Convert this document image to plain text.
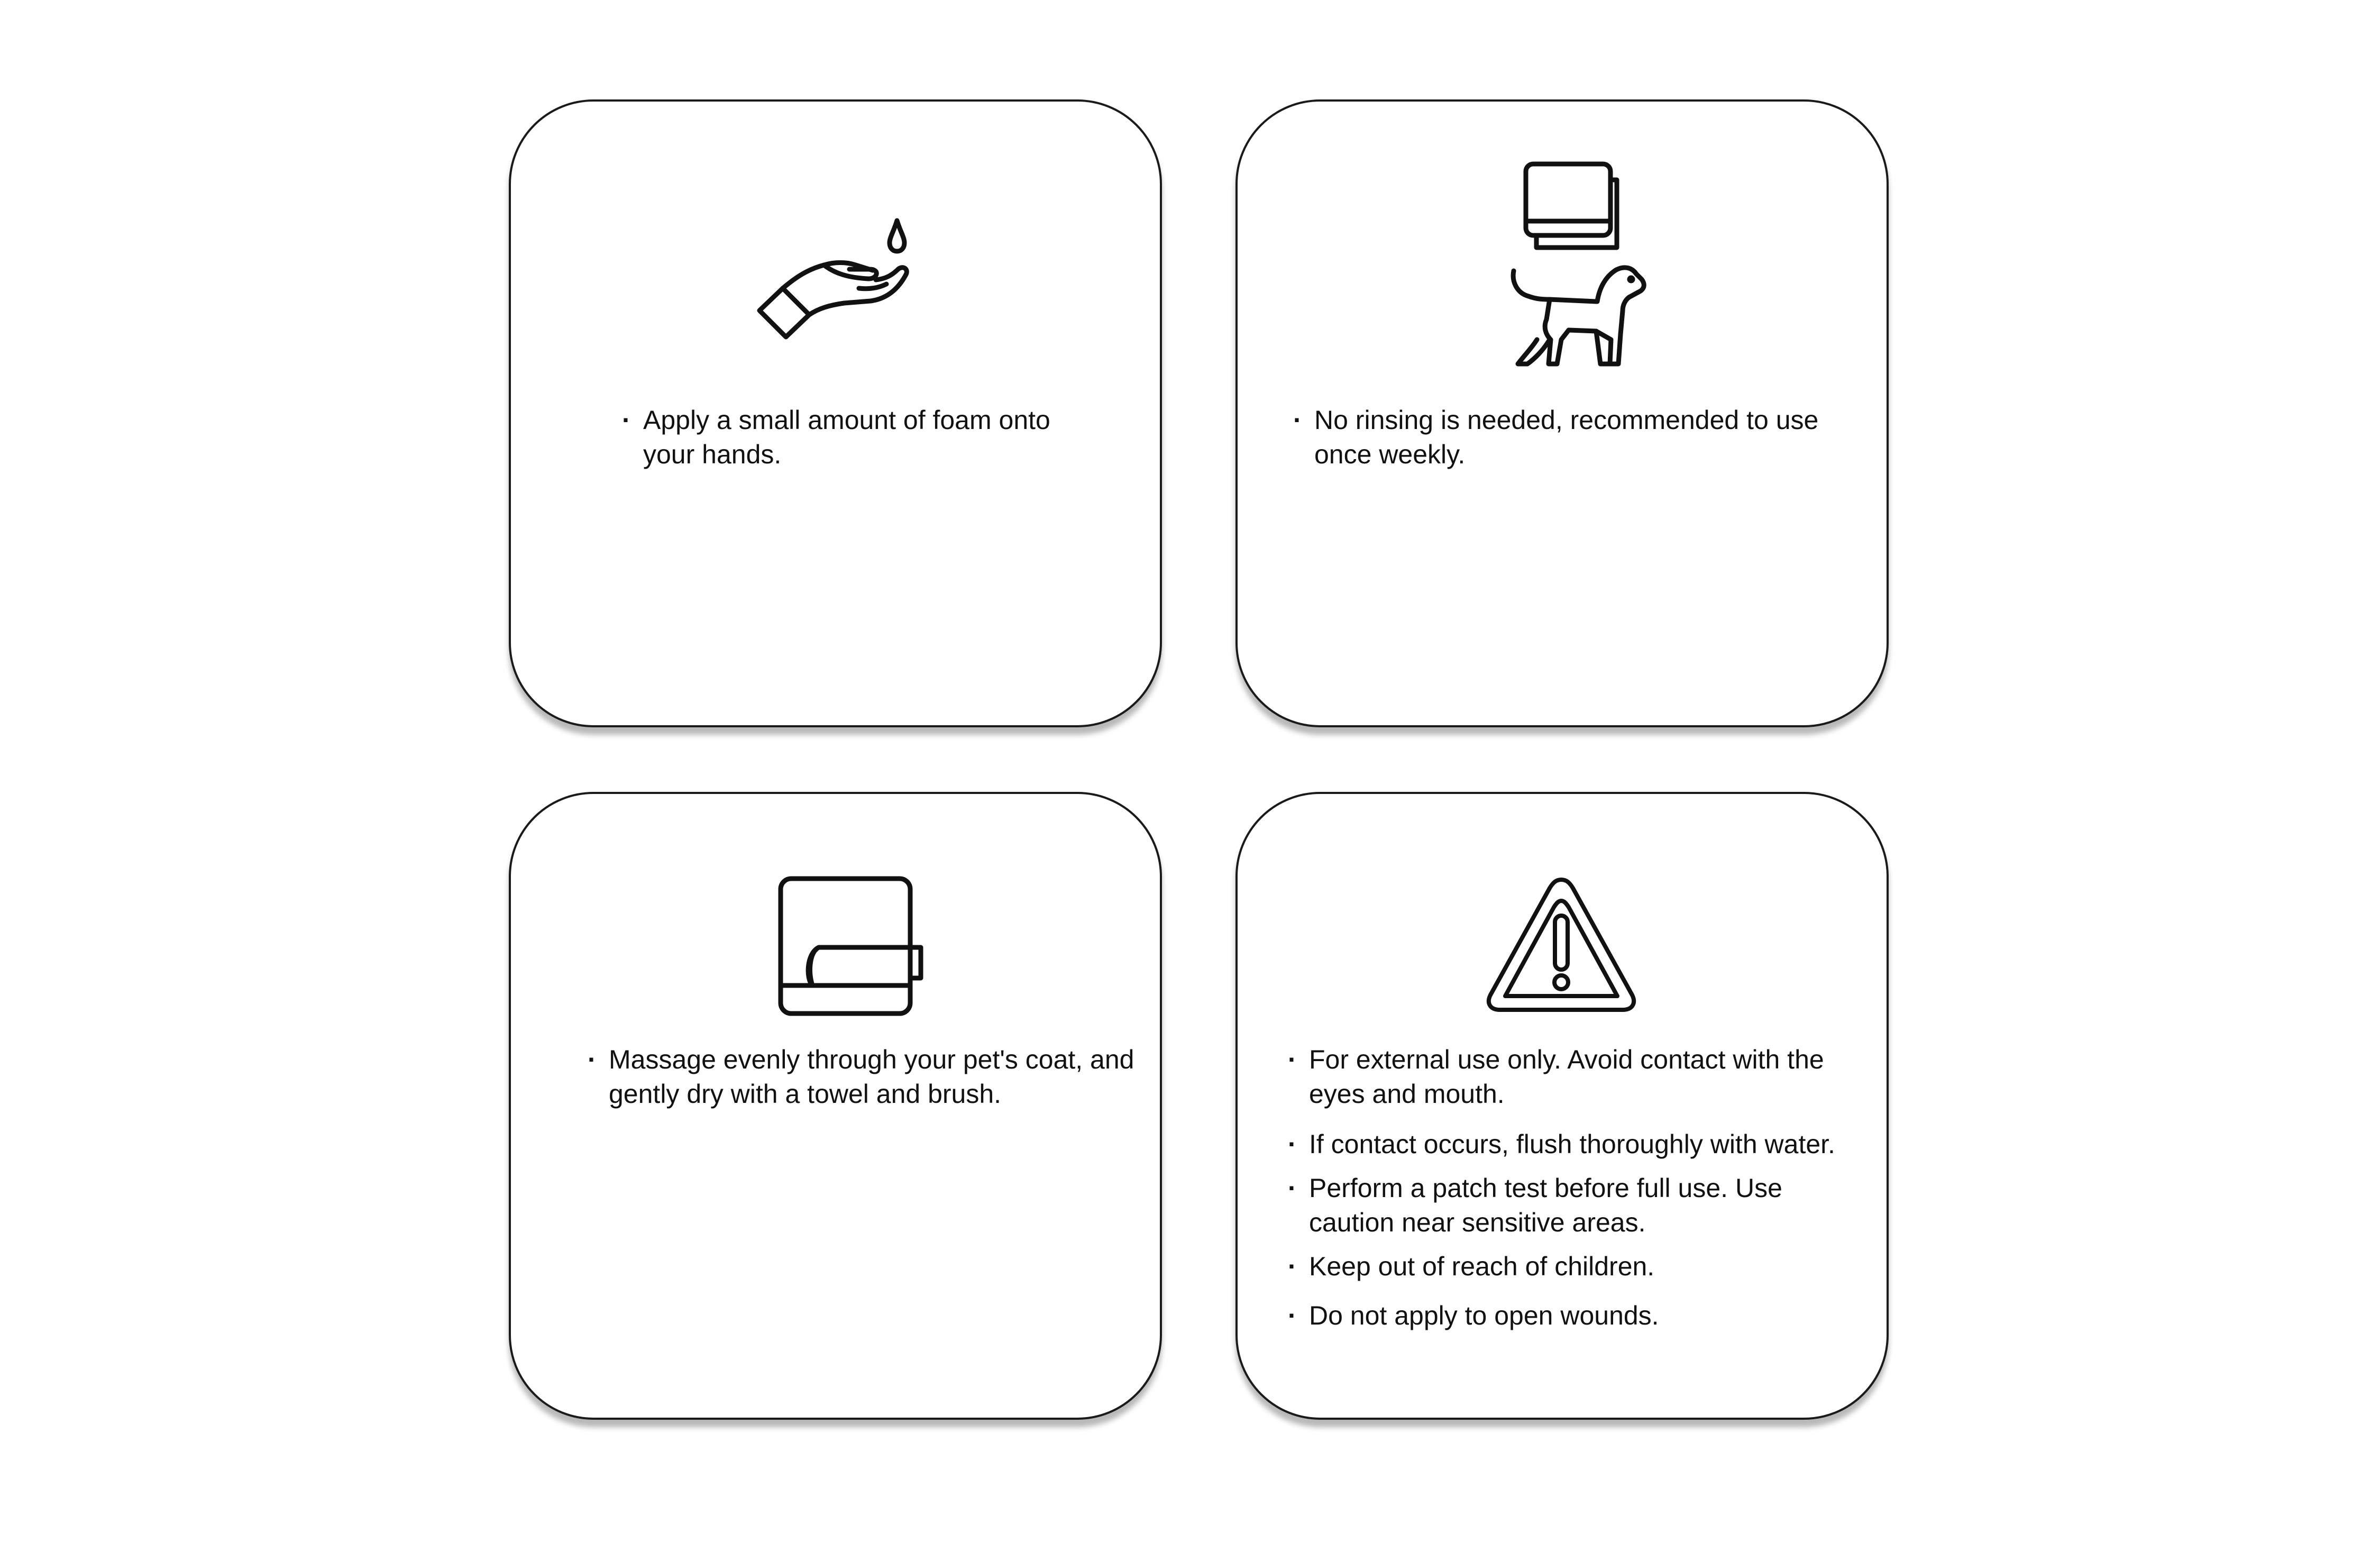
· Apply a small amount of foam onto your hands.
· No rinsing is needed, recommended to use once weekly.
· Massage evenly through your pet's coat, and gently dry with a towel and brush.
· For external use only. Avoid contact with the eyes and mouth.
· If contact occurs, flush thoroughly with water.
· Perform a patch test before full use. Use caution near sensitive areas.
· Keep out of reach of children.
· Do not apply to open wounds.
